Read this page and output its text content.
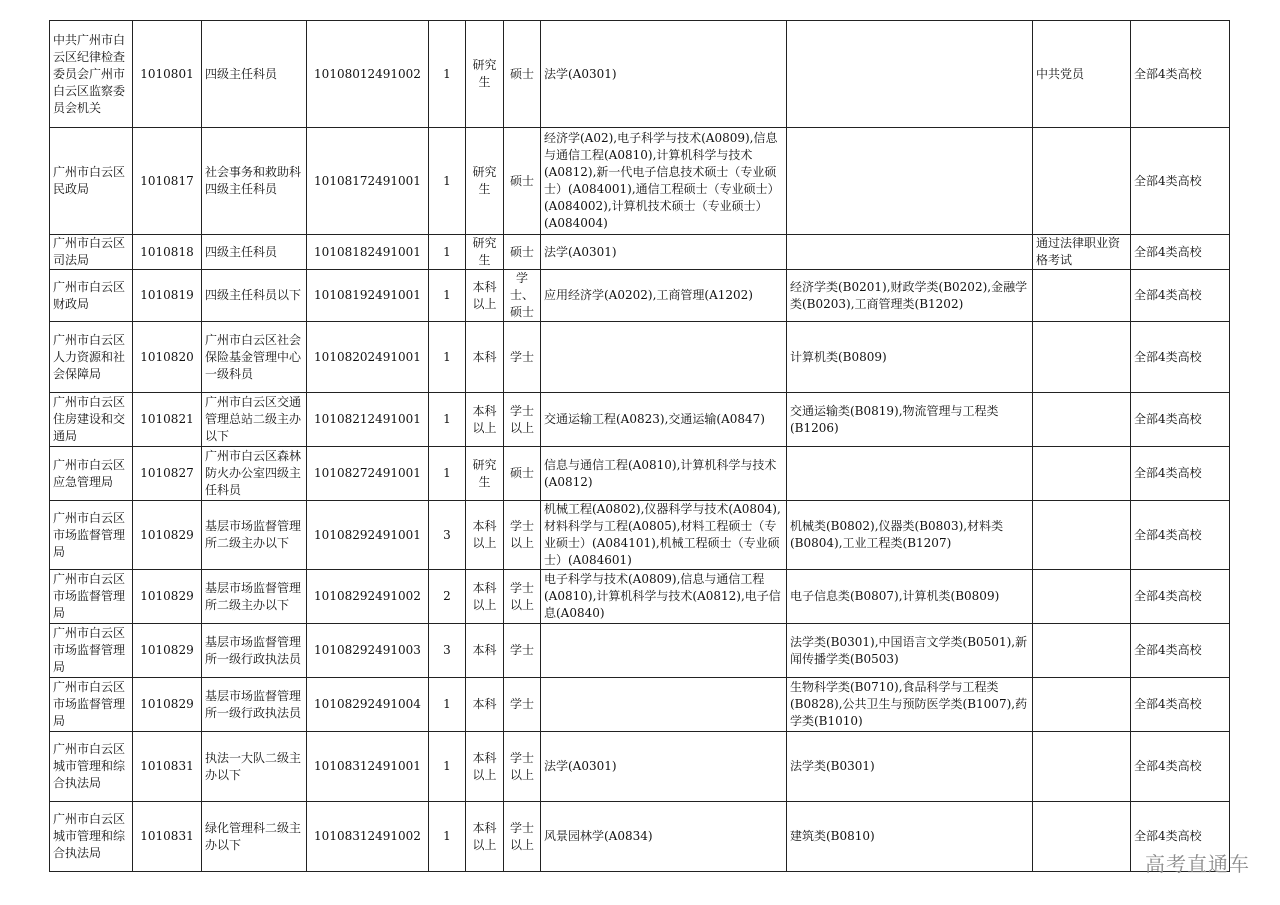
中共广州市白云区纪律检查委员会广州市白云区监察委员会机关	1010801	四级主任科员	10108012491002	1	研究生	硕士	法学(A0301)		中共党员	全部4类高校
广州市白云区民政局	1010817	社会事务和救助科四级主任科员	10108172491001	1	研究生	硕士	经济学(A02),电子科学与技术(A0809),信息与通信工程(A0810),计算机科学与技术(A0812),新一代电子信息技术硕士（专业硕士）(A084001),通信工程硕士（专业硕士）(A084002),计算机技术硕士（专业硕士）(A084004)			全部4类高校
广州市白云区司法局	1010818	四级主任科员	10108182491001	1	研究生	硕士	法学(A0301)		通过法律职业资格考试	全部4类高校
广州市白云区财政局	1010819	四级主任科员以下	10108192491001	1	本科以上	学士、硕士	应用经济学(A0202),工商管理(A1202)	经济学类(B0201),财政学类(B0202),金融学类(B0203),工商管理类(B1202)		全部4类高校
广州市白云区人力资源和社会保障局	1010820	广州市白云区社会保险基金管理中心一级科员	10108202491001	1	本科	学士		计算机类(B0809)		全部4类高校
广州市白云区住房建设和交通局	1010821	广州市白云区交通管理总站二级主办以下	10108212491001	1	本科以上	学士以上	交通运输工程(A0823),交通运输(A0847)	交通运输类(B0819),物流管理与工程类(B1206)		全部4类高校
广州市白云区应急管理局	1010827	广州市白云区森林防火办公室四级主任科员	10108272491001	1	研究生	硕士	信息与通信工程(A0810),计算机科学与技术(A0812)			全部4类高校
广州市白云区市场监督管理局	1010829	基层市场监督管理所二级主办以下	10108292491001	3	本科以上	学士以上	机械工程(A0802),仪器科学与技术(A0804),材料科学与工程(A0805),材料工程硕士（专业硕士）(A084101),机械工程硕士（专业硕士）(A084601)	机械类(B0802),仪器类(B0803),材料类(B0804),工业工程类(B1207)		全部4类高校
广州市白云区市场监督管理局	1010829	基层市场监督管理所二级主办以下	10108292491002	2	本科以上	学士以上	电子科学与技术(A0809),信息与通信工程(A0810),计算机科学与技术(A0812),电子信息(A0840)	电子信息类(B0807),计算机类(B0809)		全部4类高校
广州市白云区市场监督管理局	1010829	基层市场监督管理所一级行政执法员	10108292491003	3	本科	学士		法学类(B0301),中国语言文学类(B0501),新闻传播学类(B0503)		全部4类高校
广州市白云区市场监督管理局	1010829	基层市场监督管理所一级行政执法员	10108292491004	1	本科	学士		生物科学类(B0710),食品科学与工程类(B0828),公共卫生与预防医学类(B1007),药学类(B1010)		全部4类高校
广州市白云区城市管理和综合执法局	1010831	执法一大队二级主办以下	10108312491001	1	本科以上	学士以上	法学(A0301)	法学类(B0301)		全部4类高校
广州市白云区城市管理和综合执法局	1010831	绿化管理科二级主办以下	10108312491002	1	本科以上	学士以上	风景园林学(A0834)	建筑类(B0810)		全部4类高校
高考直通车
